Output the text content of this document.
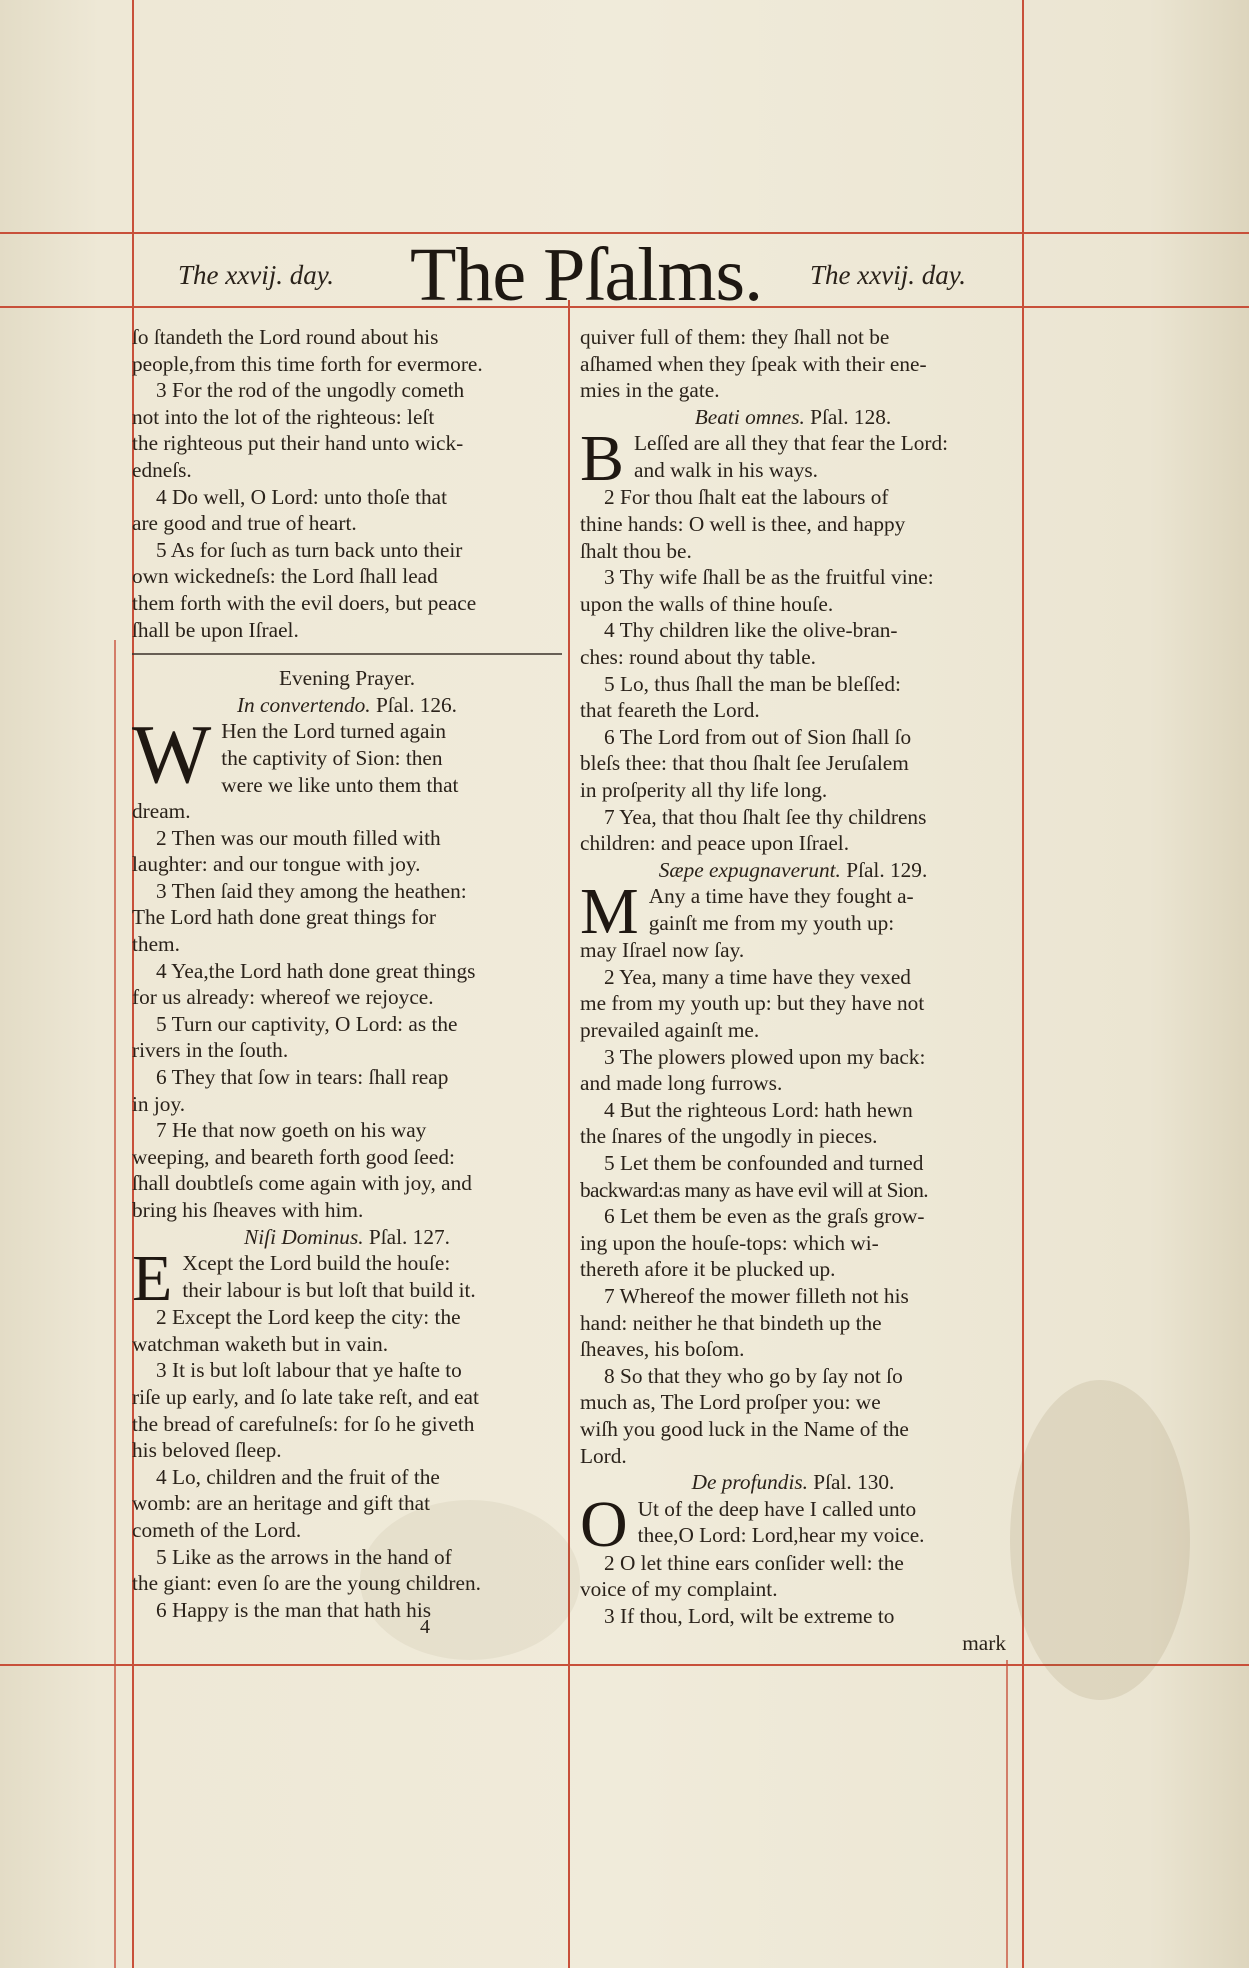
The xxvij. day. The Pſalms. The xxvij. day.
ſo ſtandeth the Lord round about his
people,from this time forth for evermore.
3 For the rod of the ungodly cometh
not into the lot of the righteous: leſt
the righteous put their hand unto wick-
edneſs.
4 Do well, O Lord: unto thoſe that
are good and true of heart.
5 As for ſuch as turn back unto their
own wickedneſs: the Lord ſhall lead
them forth with the evil doers, but peace
ſhall be upon Iſrael.
Evening Prayer.
In convertendo. Pſal. 126.
W Hen the Lord turned again
the captivity of Sion: then
were we like unto them that
dream.
2 Then was our mouth filled with
laughter: and our tongue with joy.
3 Then ſaid they among the heathen:
The Lord hath done great things for
them.
4 Yea,the Lord hath done great things
for us already: whereof we rejoyce.
5 Turn our captivity, O Lord: as the
rivers in the ſouth.
6 They that ſow in tears: ſhall reap
in joy.
7 He that now goeth on his way
weeping, and beareth forth good ſeed:
ſhall doubtleſs come again with joy, and
bring his ſheaves with him.
Niſi Dominus. Pſal. 127.
E Xcept the Lord build the houſe:
their labour is but loſt that build it.
2 Except the Lord keep the city: the
watchman waketh but in vain.
3 It is but loſt labour that ye haſte to
riſe up early, and ſo late take reſt, and eat
the bread of carefulneſs: for ſo he giveth
his beloved ſleep.
4 Lo, children and the fruit of the
womb: are an heritage and gift that
cometh of the Lord.
5 Like as the arrows in the hand of
the giant: even ſo are the young children.
6 Happy is the man that hath his
4
quiver full of them: they ſhall not be
aſhamed when they ſpeak with their ene-
mies in the gate.
Beati omnes. Pſal. 128.
B Leſſed are all they that fear the Lord:
and walk in his ways.
2 For thou ſhalt eat the labours of
thine hands: O well is thee, and happy
ſhalt thou be.
3 Thy wife ſhall be as the fruitful vine:
upon the walls of thine houſe.
4 Thy children like the olive-bran-
ches: round about thy table.
5 Lo, thus ſhall the man be bleſſed:
that feareth the Lord.
6 The Lord from out of Sion ſhall ſo
bleſs thee: that thou ſhalt ſee Jeruſalem
in proſperity all thy life long.
7 Yea, that thou ſhalt ſee thy childrens
children: and peace upon Iſrael.
Sæpe expugnaverunt. Pſal. 129.
M Any a time have they fought a-
gainſt me from my youth up:
may Iſrael now ſay.
2 Yea, many a time have they vexed
me from my youth up: but they have not
prevailed againſt me.
3 The plowers plowed upon my back:
and made long furrows.
4 But the righteous Lord: hath hewn
the ſnares of the ungodly in pieces.
5 Let them be confounded and turned
backward:as many as have evil will at Sion.
6 Let them be even as the graſs grow-
ing upon the houſe-tops: which wi-
thereth afore it be plucked up.
7 Whereof the mower filleth not his
hand: neither he that bindeth up the
ſheaves, his boſom.
8 So that they who go by ſay not ſo
much as, The Lord proſper you: we
wiſh you good luck in the Name of the
Lord.
De profundis. Pſal. 130.
O Ut of the deep have I called unto
thee,O Lord: Lord,hear my voice.
2 O let thine ears conſider well: the
voice of my complaint.
3 If thou, Lord, wilt be extreme to
mark
